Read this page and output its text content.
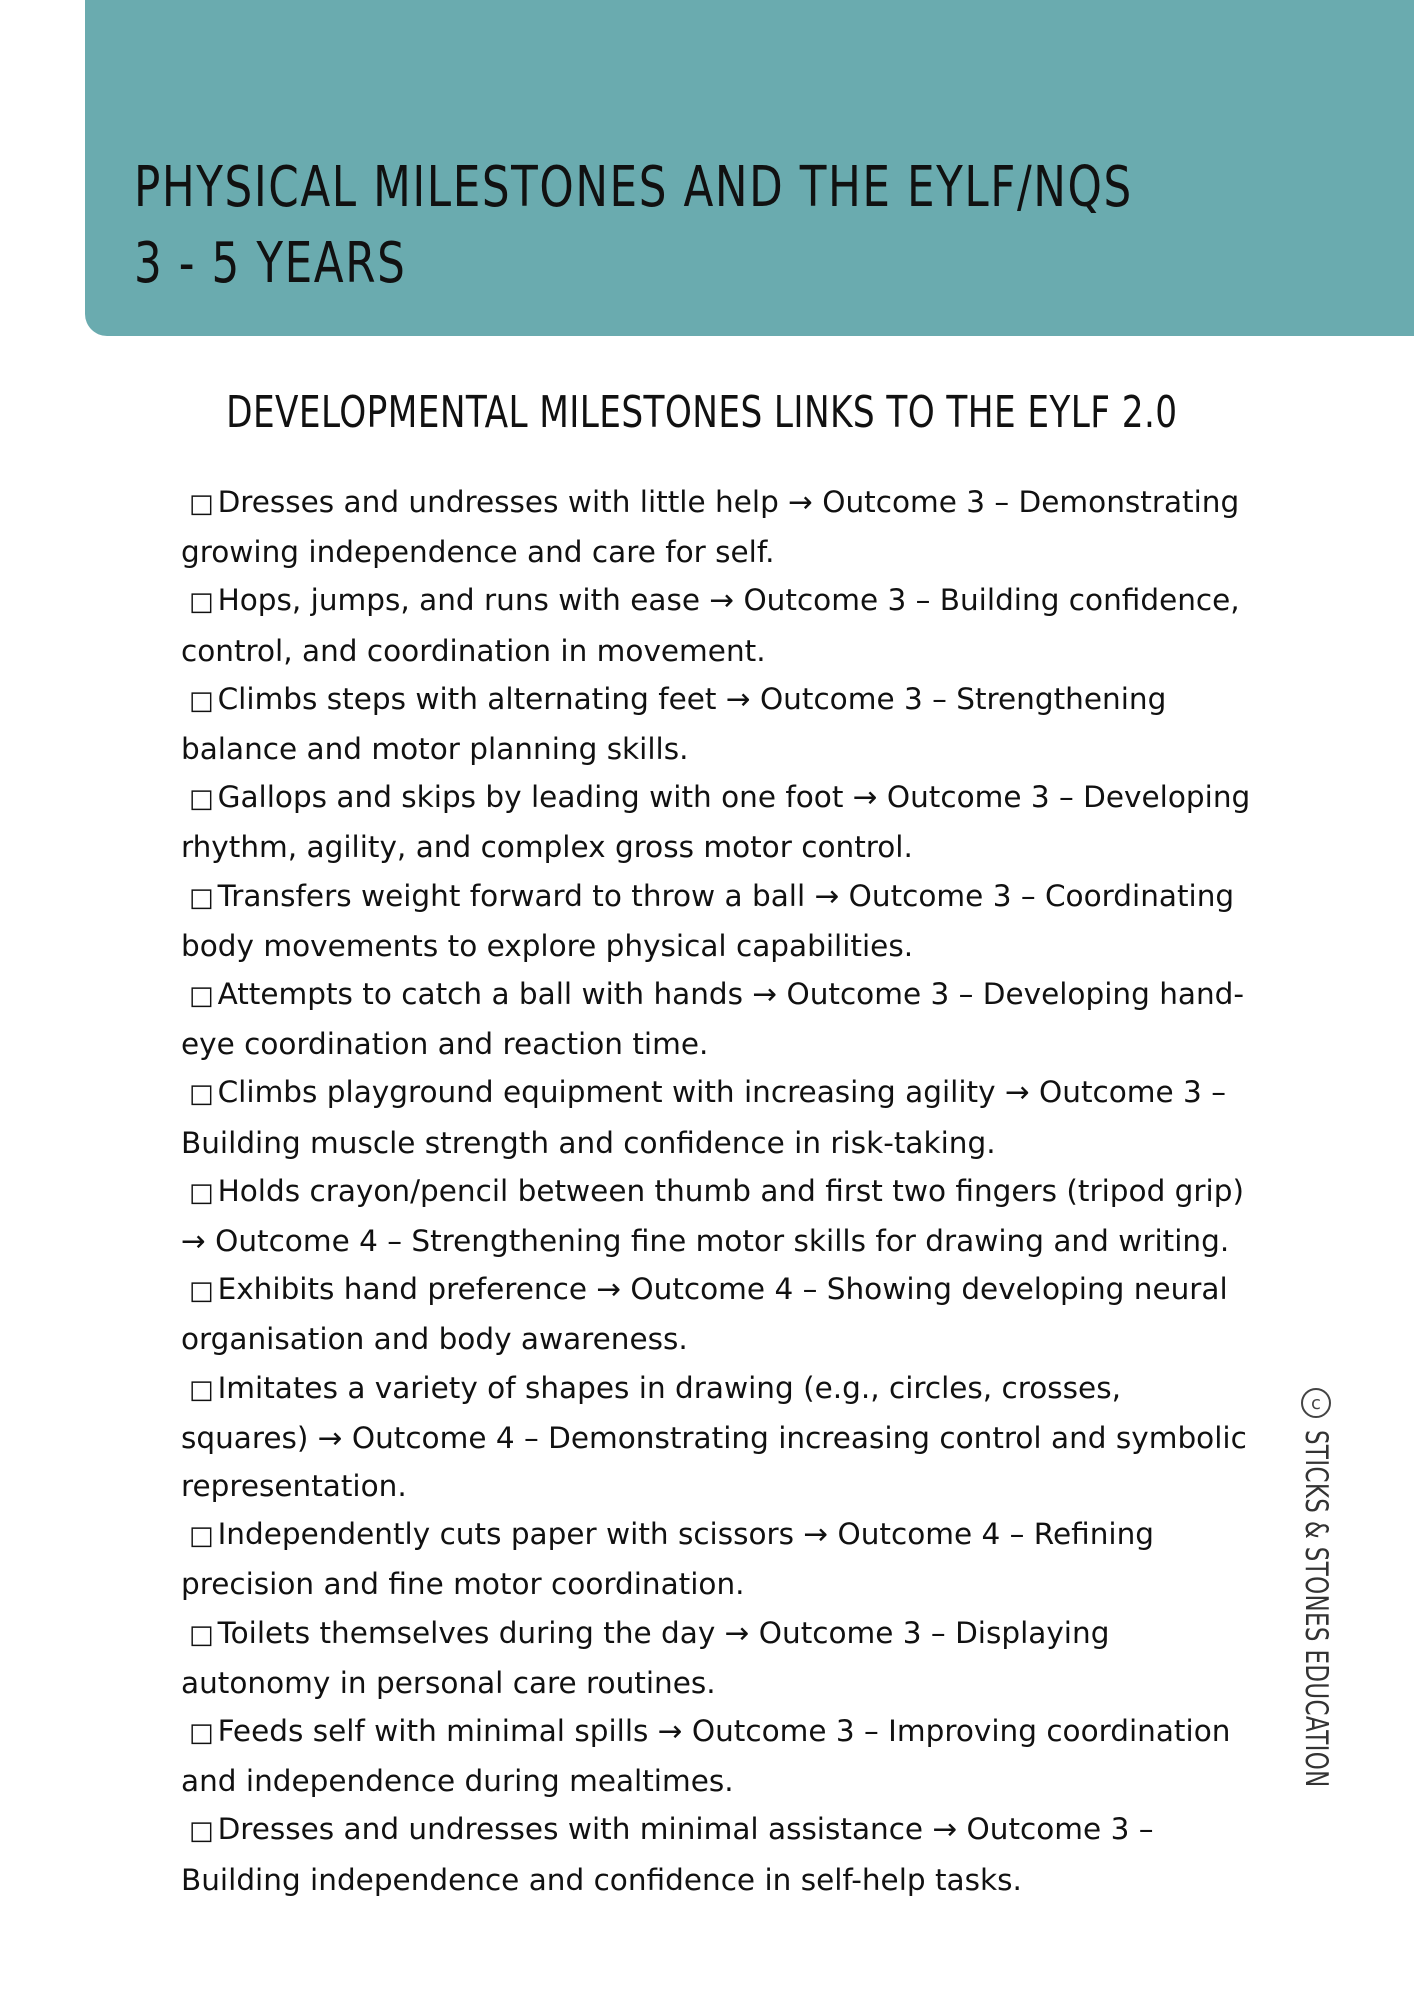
PHYSICAL MILESTONES AND THE EYLF/NQS
3 - 5 YEARS
DEVELOPMENTAL MILESTONES LINKS TO THE EYLF 2.0
□ Dresses and undresses with little help → Outcome 3 – Demonstrating growing independence and care for self.
□ Hops, jumps, and runs with ease → Outcome 3 – Building confidence, control, and coordination in movement.
□ Climbs steps with alternating feet → Outcome 3 – Strengthening balance and motor planning skills.
□ Gallops and skips by leading with one foot → Outcome 3 – Developing rhythm, agility, and complex gross motor control.
□ Transfers weight forward to throw a ball → Outcome 3 – Coordinating body movements to explore physical capabilities.
□ Attempts to catch a ball with hands → Outcome 3 – Developing hand-eye coordination and reaction time.
□ Climbs playground equipment with increasing agility → Outcome 3 – Building muscle strength and confidence in risk-taking.
□ Holds crayon/pencil between thumb and first two fingers (tripod grip) → Outcome 4 – Strengthening fine motor skills for drawing and writing.
□ Exhibits hand preference → Outcome 4 – Showing developing neural organisation and body awareness.
□ Imitates a variety of shapes in drawing (e.g., circles, crosses, squares) → Outcome 4 – Demonstrating increasing control and symbolic representation.
□ Independently cuts paper with scissors → Outcome 4 – Refining precision and fine motor coordination.
□ Toilets themselves during the day → Outcome 3 – Displaying autonomy in personal care routines.
□ Feeds self with minimal spills → Outcome 3 – Improving coordination and independence during mealtimes.
□ Dresses and undresses with minimal assistance → Outcome 3 – Building independence and confidence in self-help tasks.
c
STICKS & STONES EDUCATION
